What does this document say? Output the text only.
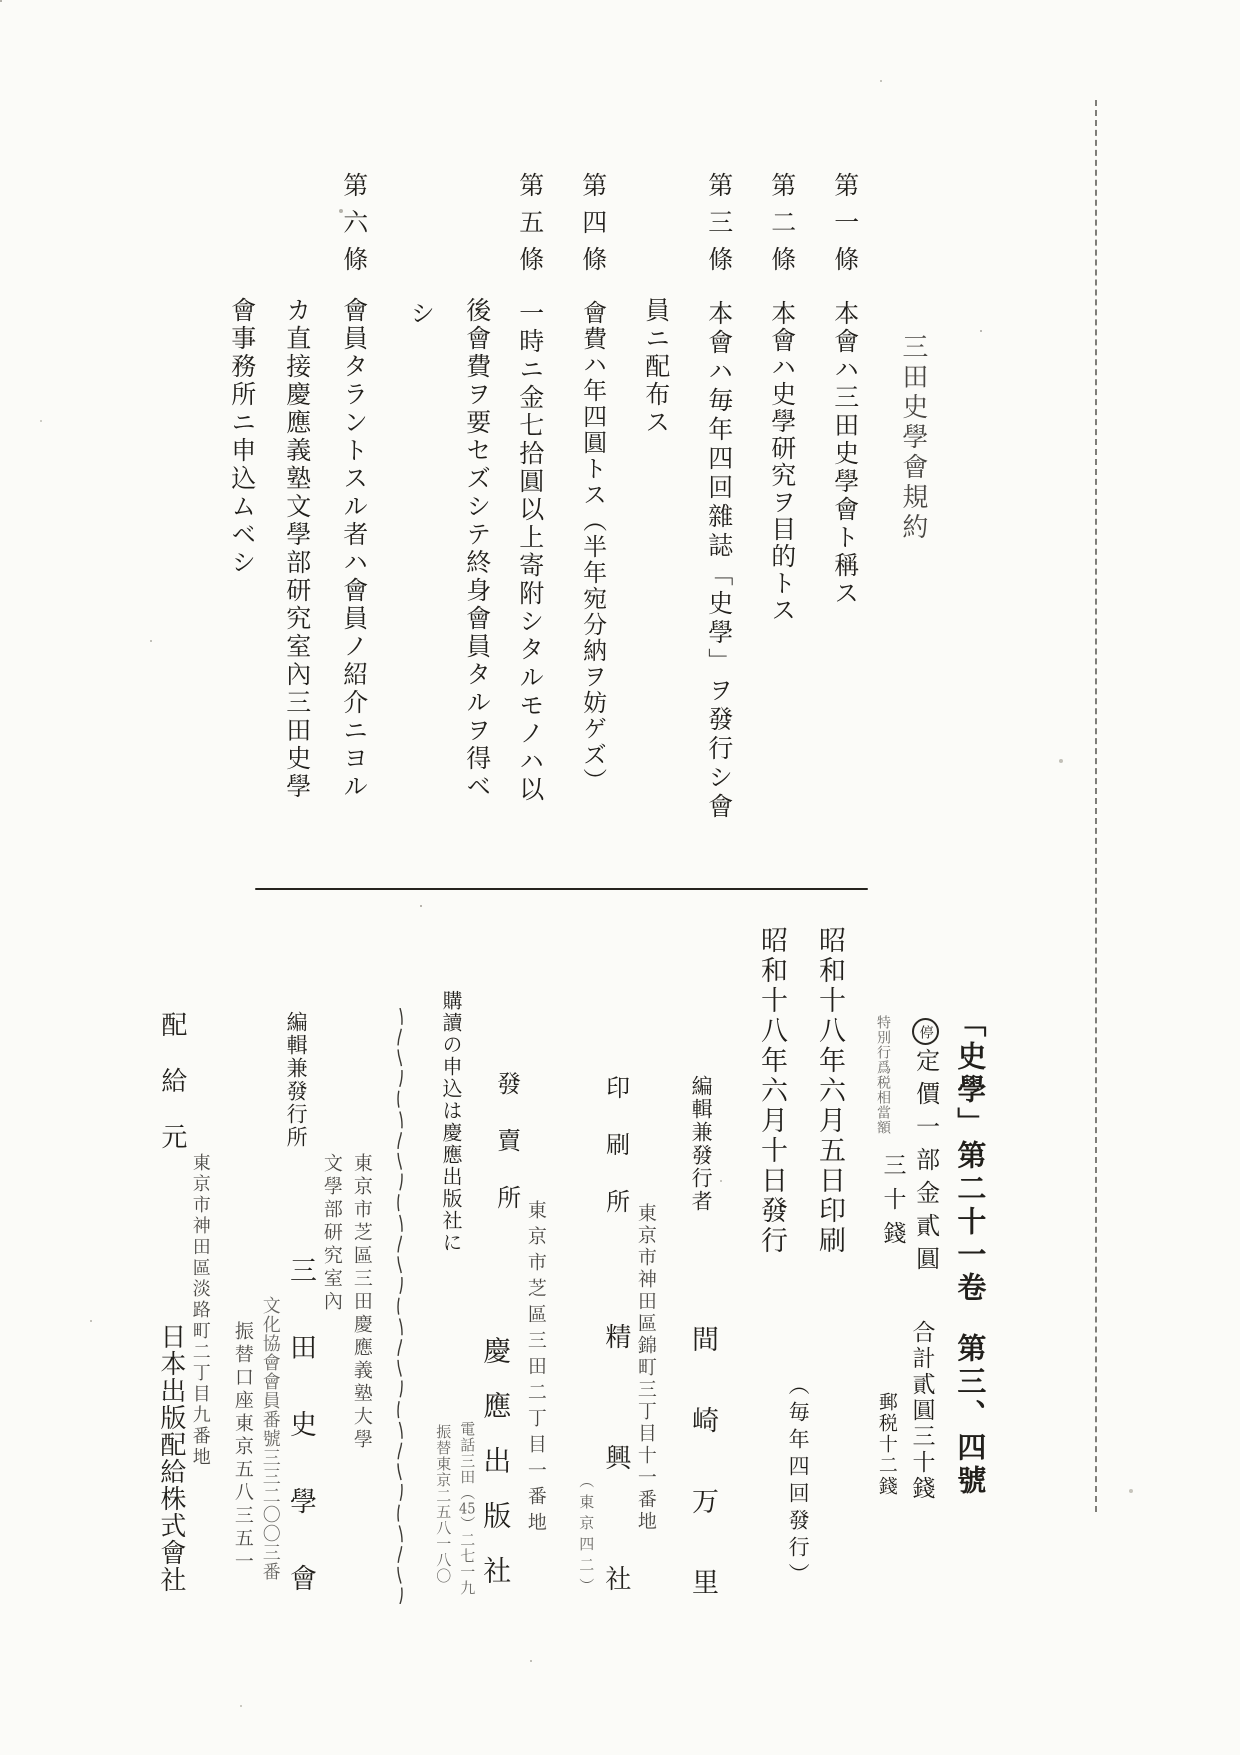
三田史學會規約
第一條
本會ハ三田史學會ト稱ス
第二條
本會ハ史學研究ヲ目的トス
第三條
本會ハ毎年四回雜誌「史學」ヲ發行シ會
員ニ配布ス
第四條
會費ハ年四圓トス（半年宛分納ヲ妨ゲズ）
第五條
一時ニ金七拾圓以上寄附シタルモノハ以
後會費ヲ要セズシテ終身會員タルヲ得ベ
シ
第六條
會員タラントスル者ハ會員ノ紹介ニヨル
カ直接慶應義塾文學部研究室內三田史學
會事務所ニ申込ムベシ
「史學」第二十一卷第三、四號
停定價一部金貳圓
特別行爲税相當額
三十錢
合計貳圓三十錢
郵税十二錢
昭和十八年六月五日印刷
昭和十八年六月十日發行
（毎年四回發行）
編輯兼發行者
間崎万里
東京市神田區錦町三丁目十一番地
印刷所
精興社
（東京四二）
東京市芝區三田二丁目一番地
發賣所
慶應出版社
電話三田（45）二七一九
振替東京二五八一八〇
購讀の申込は慶應出版社に
編輯兼發行所
東京市芝區三田慶應義塾大學
文學部研究室內
三田史學會
文化協會會員番號三三二〇〇三番
振替口座東京五八三五一
配給元
東京市神田區淡路町二丁目九番地
日本出版配給株式會社
